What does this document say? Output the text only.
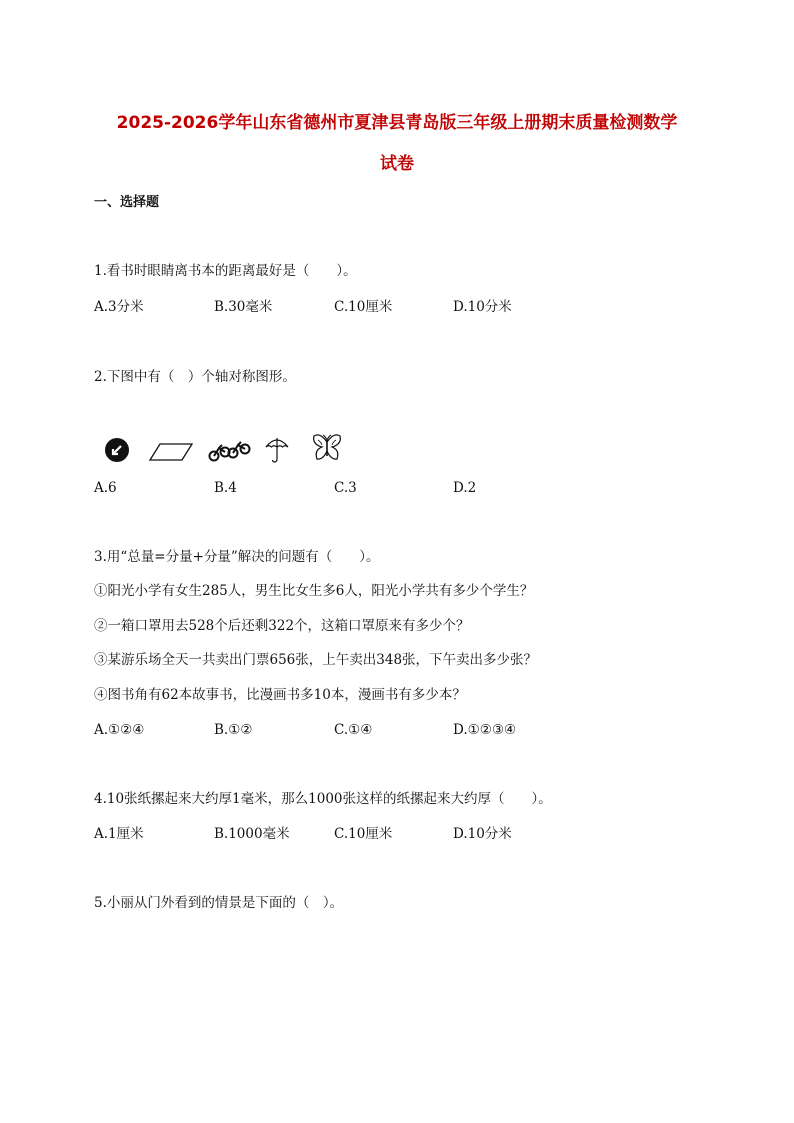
2025-2026学年山东省德州市夏津县青岛版三年级上册期末质量检测数学
试卷
一、选择题
1.看书时眼睛离书本的距离最好是（　　）。
A.3分米	B.30毫米	C.10厘米	D.10分米
2.下图中有（　）个轴对称图形。
A.6	B.4	C.3	D.2
3.用“总量=分量+分量”解决的问题有（　　）。
①阳光小学有女生285人，男生比女生多6人，阳光小学共有多少个学生？
②一箱口罩用去528个后还剩322个，这箱口罩原来有多少个？
③某游乐场全天一共卖出门票656张，上午卖出348张，下午卖出多少张？
④图书角有62本故事书，比漫画书多10本，漫画书有多少本？
A.①②④	B.①②	C.①④	D.①②③④
4.10张纸摞起来大约厚1毫米，那么1000张这样的纸摞起来大约厚（　　）。
A.1厘米	B.1000毫米	C.10厘米	D.10分米
5.小丽从门外看到的情景是下面的（　）。
